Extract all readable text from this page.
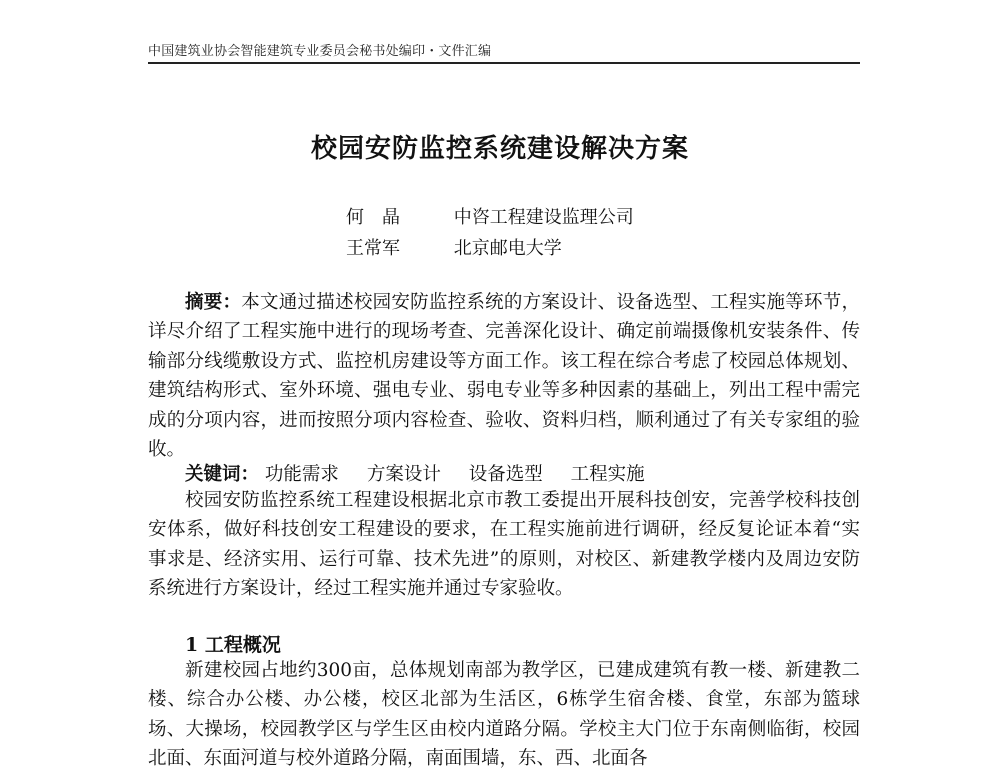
中国建筑业协会智能建筑专业委员会秘书处编印・文件汇编
校园安防监控系统建设解决方案
何　晶	中咨工程建设监理公司
王常军	北京邮电大学
摘要：本文通过描述校园安防监控系统的方案设计、设备选型、工程实施等环节，详尽介绍了工程实施中进行的现场考查、完善深化设计、确定前端摄像机安装条件、传输部分线缆敷设方式、监控机房建设等方面工作。该工程在综合考虑了校园总体规划、建筑结构形式、室外环境、强电专业、弱电专业等多种因素的基础上，列出工程中需完成的分项内容，进而按照分项内容检查、验收、资料归档，顺利通过了有关专家组的验收。
关键词： 功能需求 方案设计 设备选型 工程实施
校园安防监控系统工程建设根据北京市教工委提出开展科技创安，完善学校科技创安体系，做好科技创安工程建设的要求，在工程实施前进行调研，经反复论证本着“实事求是、经济实用、运行可靠、技术先进”的原则，对校区、新建教学楼内及周边安防系统进行方案设计，经过工程实施并通过专家验收。
1 工程概况
新建校园占地约300亩，总体规划南部为教学区，已建成建筑有教一楼、新建教二楼、综合办公楼、办公楼，校区北部为生活区，6栋学生宿舍楼、食堂，东部为篮球场、大操场，校园教学区与学生区由校内道路分隔。学校主大门位于东南侧临街，校园北面、东面河道与校外道路分隔，南面围墙，东、西、北面各
